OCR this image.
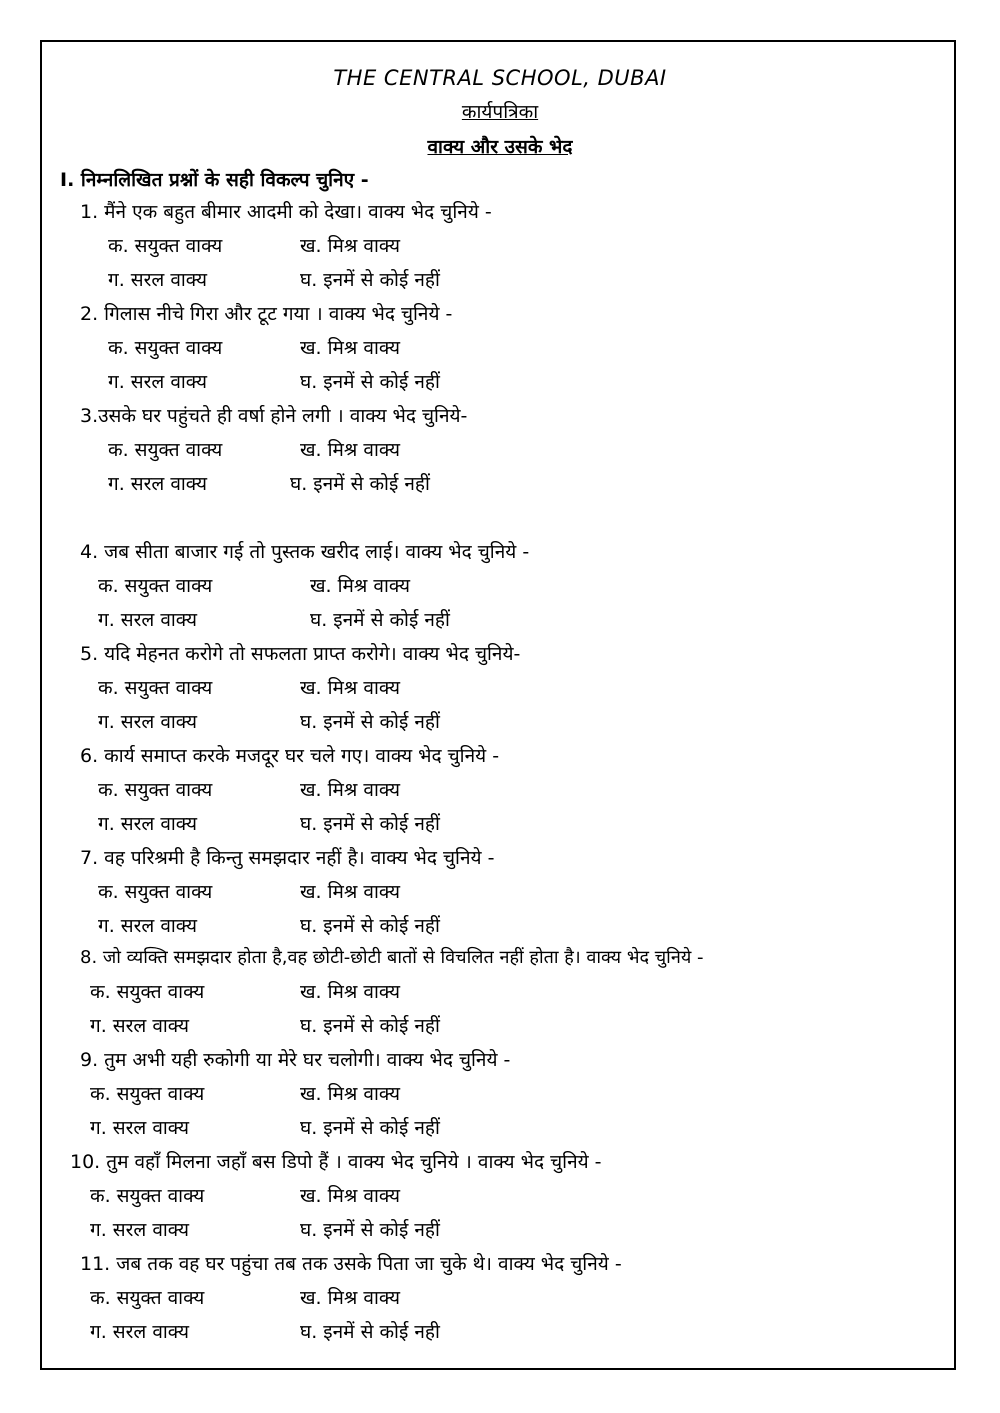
THE CENTRAL SCHOOL, DUBAI
कार्यपत्रिका
वाक्य और उसके भेद
I. निम्नलिखित प्रश्नों के सही विकल्प चुनिए -
1. मैंने एक बहुत बीमार आदमी को देखा। वाक्य भेद चुनिये -
क. सयुक्त वाक्य	ख. मिश्र वाक्य
ग. सरल वाक्य	घ. इनमें से कोई नहीं
2. गिलास नीचे गिरा और टूट गया । वाक्य भेद चुनिये -
क. सयुक्त वाक्य	ख. मिश्र वाक्य
ग. सरल वाक्य	घ. इनमें से कोई नहीं
3.उसके घर पहुंचते ही वर्षा होने लगी । वाक्य भेद चुनिये-
क. सयुक्त वाक्य	ख. मिश्र वाक्य
ग. सरल वाक्य	घ. इनमें से कोई नहीं
4. जब सीता बाजार गई तो पुस्तक खरीद लाई। वाक्य भेद चुनिये -
क. सयुक्त वाक्य	ख. मिश्र वाक्य
ग. सरल वाक्य	घ. इनमें से कोई नहीं
5. यदि मेहनत करोगे तो सफलता प्राप्त करोगे। वाक्य भेद चुनिये-
क. सयुक्त वाक्य	ख. मिश्र वाक्य
ग. सरल वाक्य	घ. इनमें से कोई नहीं
6. कार्य समाप्त करके मजदूर घर चले गए। वाक्य भेद चुनिये -
क. सयुक्त वाक्य	ख. मिश्र वाक्य
ग. सरल वाक्य	घ. इनमें से कोई नहीं
7. वह परिश्रमी है किन्तु समझदार नहीं है। वाक्य भेद चुनिये -
क. सयुक्त वाक्य	ख. मिश्र वाक्य
ग. सरल वाक्य	घ. इनमें से कोई नहीं
8. जो व्यक्ति समझदार होता है,वह छोटी-छोटी बातों से विचलित नहीं होता है। वाक्य भेद चुनिये -
क. सयुक्त वाक्य	ख. मिश्र वाक्य
ग. सरल वाक्य	घ. इनमें से कोई नहीं
9. तुम अभी यही रुकोगी या मेरे घर चलोगी। वाक्य भेद चुनिये -
क. सयुक्त वाक्य	ख. मिश्र वाक्य
ग. सरल वाक्य	घ. इनमें से कोई नहीं
10. तुम वहाँ मिलना जहाँ बस डिपो हैं । वाक्य भेद चुनिये । वाक्य भेद चुनिये -
क. सयुक्त वाक्य	ख. मिश्र वाक्य
ग. सरल वाक्य	घ. इनमें से कोई नहीं
11. जब तक वह घर पहुंचा तब तक उसके पिता जा चुके थे। वाक्य भेद चुनिये -
क. सयुक्त वाक्य	ख. मिश्र वाक्य
ग. सरल वाक्य	घ. इनमें से कोई नही
